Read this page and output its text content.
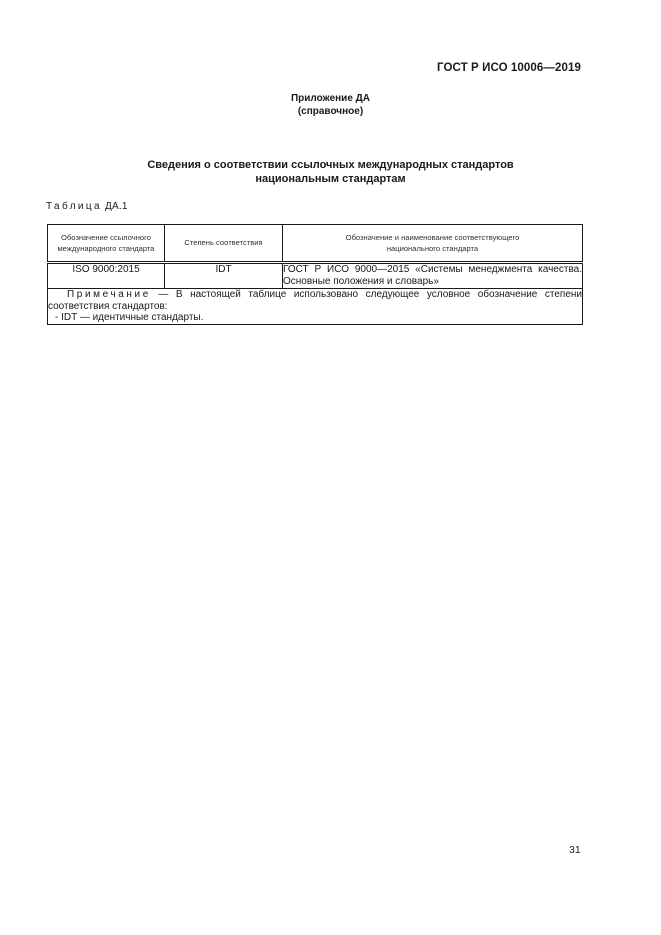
ГОСТ Р ИСО 10006—2019
Приложение ДА
(справочное)
Сведения о соответствии ссылочных международных стандартов
национальным стандартам
Таблица ДА.1
Обозначение ссылочного международного стандарта	Степень соответствия	Обозначение и наименование соответствующего национального стандарта

ISO 9000:2015	IDT	ГОСТ Р ИСО 9000—2015 «Системы менеджмента качества. Основные положения и словарь»

Примечание — В настоящей таблице использовано следующее условное обозначение степени
соответствия стандартов:
- IDT — идентичные стандарты.		
31
